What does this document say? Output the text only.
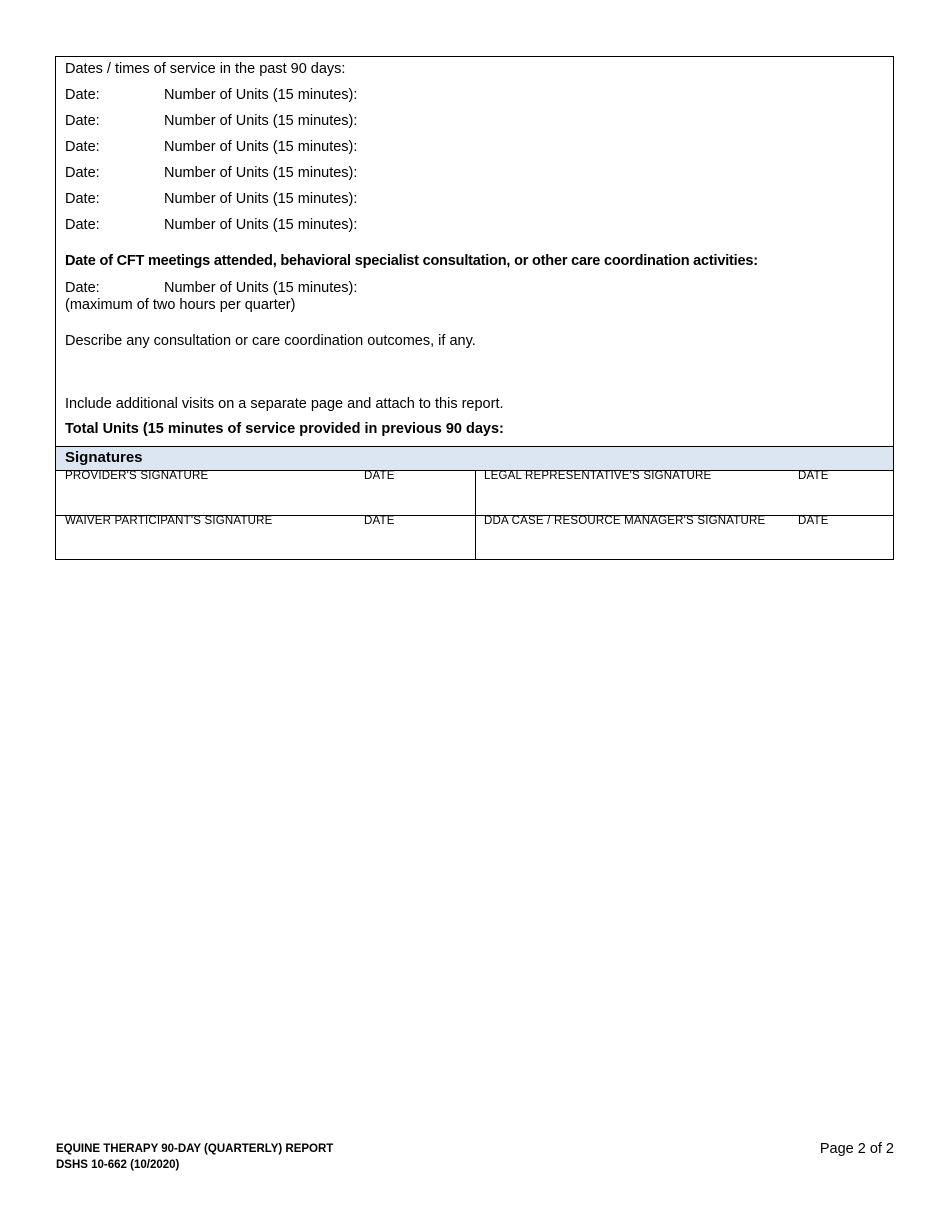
Dates / times of service in the past 90 days:
Date:	Number of Units (15 minutes):
Date:	Number of Units (15 minutes):
Date:	Number of Units (15 minutes):
Date:	Number of Units (15 minutes):
Date:	Number of Units (15 minutes):
Date:	Number of Units (15 minutes):
Date of CFT meetings attended, behavioral specialist consultation, or other care coordination activities:
Date:	Number of Units (15 minutes):
(maximum of two hours per quarter)
Describe any consultation or care coordination outcomes, if any.
Include additional visits on a separate page and attach to this report.
Total Units (15 minutes of service provided in previous 90 days:
Signatures
PROVIDER'S SIGNATURE	DATE	LEGAL REPRESENTATIVE'S SIGNATURE	DATE
WAIVER PARTICIPANT'S SIGNATURE	DATE	DDA CASE / RESOURCE MANAGER'S SIGNATURE	DATE
EQUINE THERAPY 90-DAY (QUARTERLY) REPORT
DSHS 10-662 (10/2020)
Page 2 of 2
